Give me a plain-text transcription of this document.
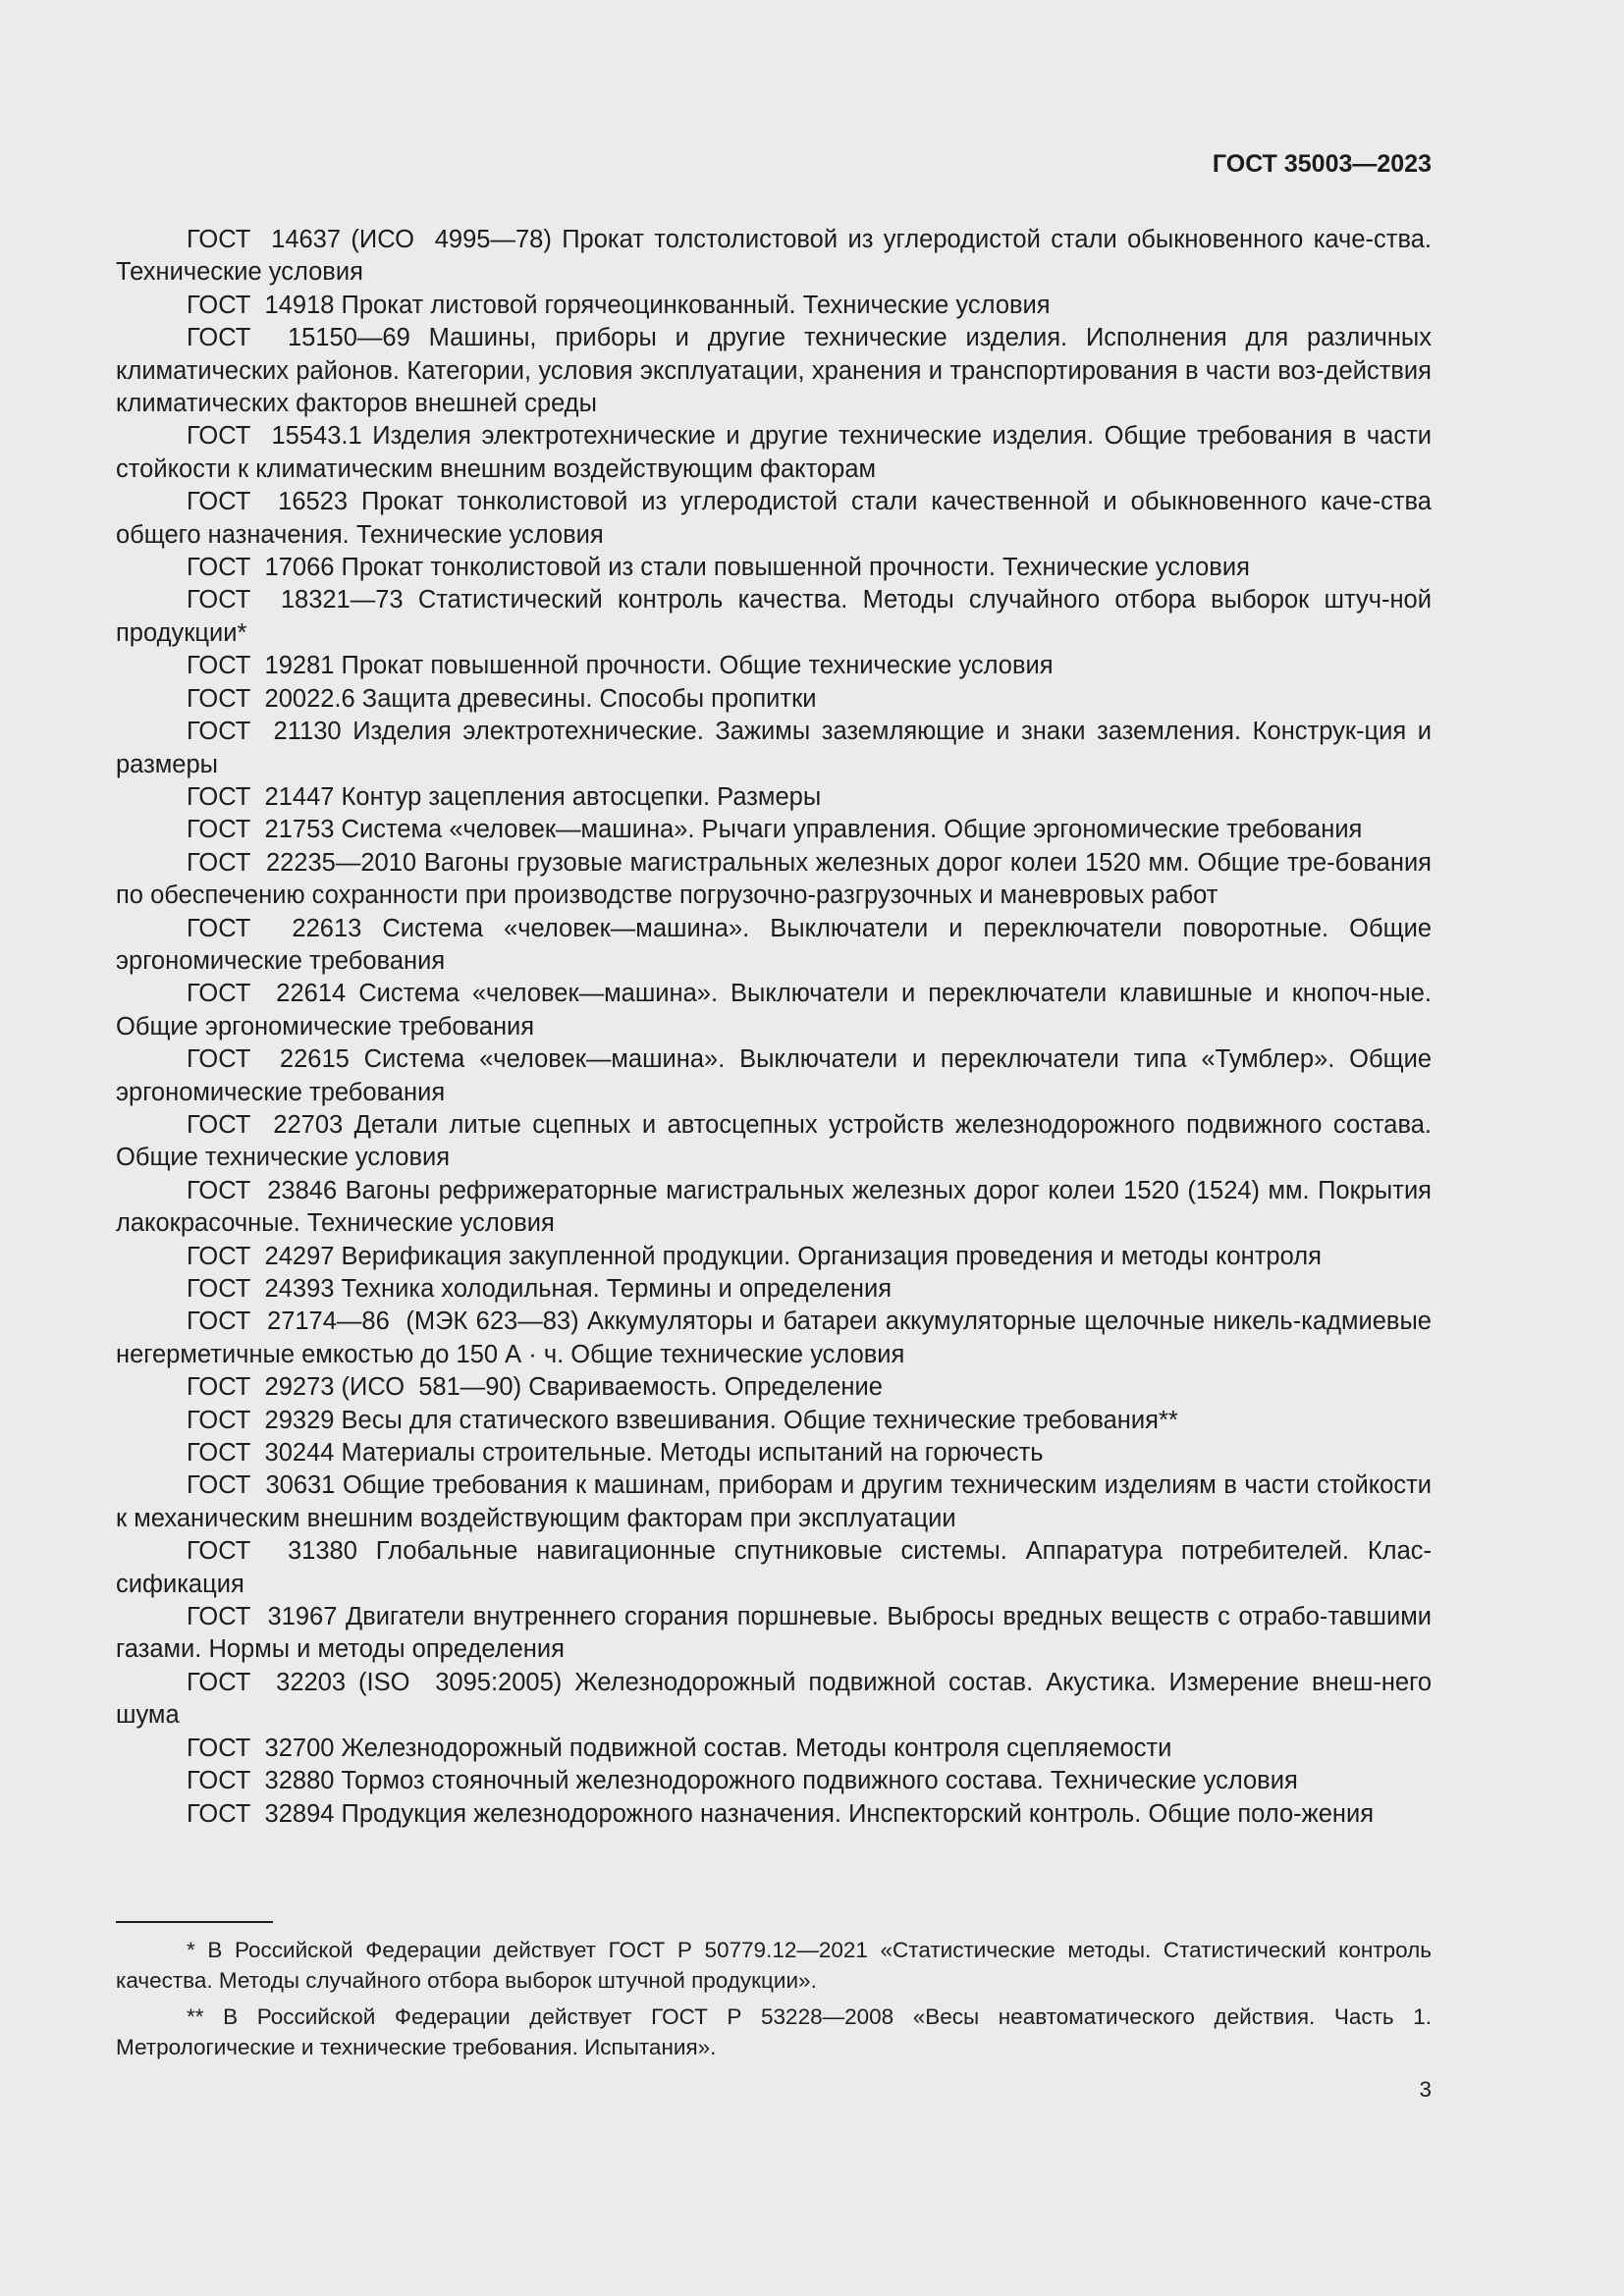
ГОСТ 35003—2023

ГОСТ  14637 (ИСО  4995—78) Прокат толстолистовой из углеродистой стали обыкновенного каче-ства. Технические условия

ГОСТ  14918 Прокат листовой горячеоцинкованный. Технические условия

ГОСТ  15150—69 Машины, приборы и другие технические изделия. Исполнения для различных климатических районов. Категории, условия эксплуатации, хранения и транспортирования в части воз-действия климатических факторов внешней среды

ГОСТ  15543.1 Изделия электротехнические и другие технические изделия. Общие требования в части стойкости к климатическим внешним воздействующим факторам

ГОСТ  16523 Прокат тонколистовой из углеродистой стали качественной и обыкновенного каче-ства общего назначения. Технические условия

ГОСТ  17066 Прокат тонколистовой из стали повышенной прочности. Технические условия

ГОСТ  18321—73 Статистический контроль качества. Методы случайного отбора выборок штуч-ной продукции*

ГОСТ  19281 Прокат повышенной прочности. Общие технические условия

ГОСТ  20022.6 Защита древесины. Способы пропитки

ГОСТ  21130 Изделия электротехнические. Зажимы заземляющие и знаки заземления. Конструк-ция и размеры

ГОСТ  21447 Контур зацепления автосцепки. Размеры

ГОСТ  21753 Система «человек—машина». Рычаги управления. Общие эргономические требования

ГОСТ  22235—2010 Вагоны грузовые магистральных железных дорог колеи 1520 мм. Общие тре-бования по обеспечению сохранности при производстве погрузочно-разгрузочных и маневровых работ

ГОСТ  22613 Система «человек—машина». Выключатели и переключатели поворотные. Общие эргономические требования

ГОСТ  22614 Система «человек—машина». Выключатели и переключатели клавишные и кнопоч-ные. Общие эргономические требования

ГОСТ  22615 Система «человек—машина». Выключатели и переключатели типа «Тумблер». Общие эргономические требования

ГОСТ  22703 Детали литые сцепных и автосцепных устройств железнодорожного подвижного состава. Общие технические условия

ГОСТ  23846 Вагоны рефрижераторные магистральных железных дорог колеи 1520 (1524) мм. Покрытия лакокрасочные. Технические условия

ГОСТ  24297 Верификация закупленной продукции. Организация проведения и методы контроля

ГОСТ  24393 Техника холодильная. Термины и определения

ГОСТ  27174—86  (МЭК 623—83) Аккумуляторы и батареи аккумуляторные щелочные никель-кадмиевые негерметичные емкостью до 150 А · ч. Общие технические условия

ГОСТ  29273 (ИСО  581—90) Свариваемость. Определение

ГОСТ  29329 Весы для статического взвешивания. Общие технические требования**

ГОСТ  30244 Материалы строительные. Методы испытаний на горючесть

ГОСТ  30631 Общие требования к машинам, приборам и другим техническим изделиям в части стойкости к механическим внешним воздействующим факторам при эксплуатации

ГОСТ  31380 Глобальные навигационные спутниковые системы. Аппаратура потребителей. Клас-сификация

ГОСТ  31967 Двигатели внутреннего сгорания поршневые. Выбросы вредных веществ с отрабо-тавшими газами. Нормы и методы определения

ГОСТ  32203 (ISO  3095:2005) Железнодорожный подвижной состав. Акустика. Измерение внеш-него шума

ГОСТ  32700 Железнодорожный подвижной состав. Методы контроля сцепляемости

ГОСТ  32880 Тормоз стояночный железнодорожного подвижного состава. Технические условия

ГОСТ  32894 Продукция железнодорожного назначения. Инспекторский контроль. Общие поло-жения

* В Российской Федерации действует ГОСТ Р 50779.12—2021 «Статистические методы. Статистический контроль качества. Методы случайного отбора выборок штучной продукции».

** В Российской Федерации действует ГОСТ Р 53228—2008 «Весы неавтоматического действия. Часть 1. Метрологические и технические требования. Испытания».

3
